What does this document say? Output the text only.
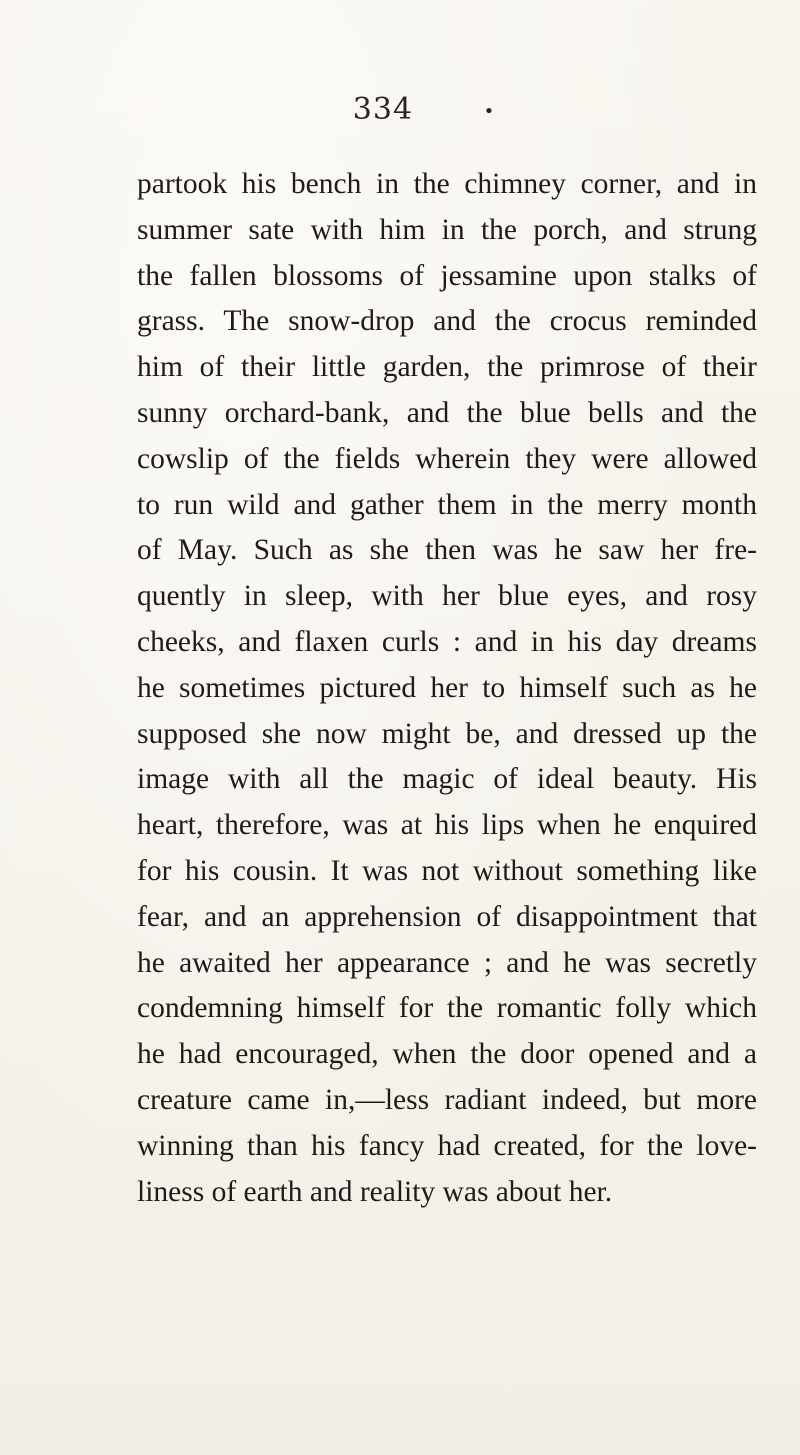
334	•
partook his bench in the chimney corner, and in
summer sate with him in the porch, and strung
the fallen blossoms of jessamine upon stalks of
grass. The snow-drop and the crocus reminded
him of their little garden, the primrose of their
sunny orchard-bank, and the blue bells and the
cowslip of the fields wherein they were allowed
to run wild and gather them in the merry month
of May. Such as she then was he saw her fre-
quently in sleep, with her blue eyes, and rosy
cheeks, and flaxen curls : and in his day dreams
he sometimes pictured her to himself such as he
supposed she now might be, and dressed up the
image with all the magic of ideal beauty. His
heart, therefore, was at his lips when he enquired
for his cousin. It was not without something like
fear, and an apprehension of disappointment that
he awaited her appearance ; and he was secretly
condemning himself for the romantic folly which
he had encouraged, when the door opened and a
creature came in,—less radiant indeed, but more
winning than his fancy had created, for the love-
liness of earth and reality was about her.
